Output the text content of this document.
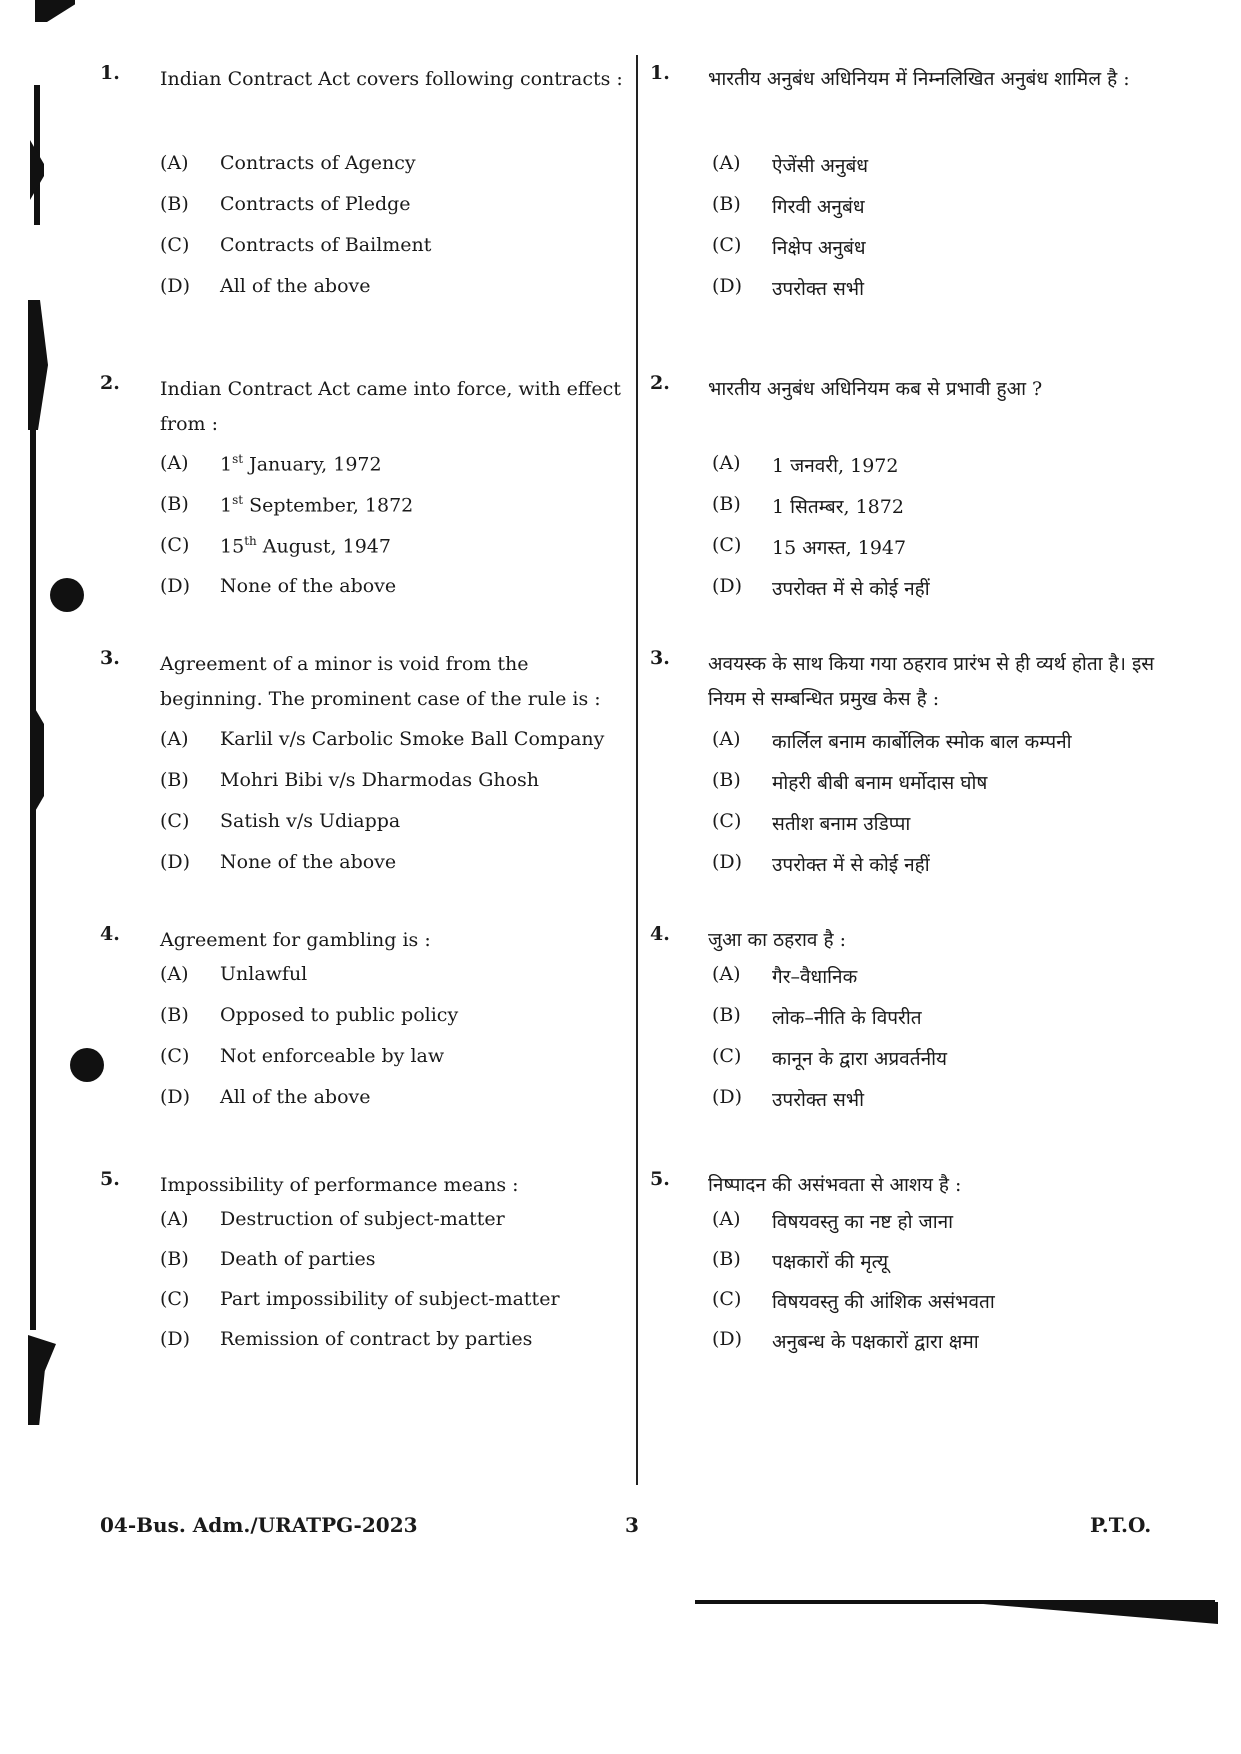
1. Indian Contract Act covers following contracts :
(A) Contracts of Agency
(B) Contracts of Pledge
(C) Contracts of Bailment
(D) All of the above
2. Indian Contract Act came into force, with effect from :
(A) 1st January, 1972
(B) 1st September, 1872
(C) 15th August, 1947
(D) None of the above
3. Agreement of a minor is void from the beginning. The prominent case of the rule is :
(A) Karlil v/s Carbolic Smoke Ball Company
(B) Mohri Bibi v/s Dharmodas Ghosh
(C) Satish v/s Udiappa
(D) None of the above
4. Agreement for gambling is :
(A) Unlawful
(B) Opposed to public policy
(C) Not enforceable by law
(D) All of the above
5. Impossibility of performance means :
(A) Destruction of subject-matter
(B) Death of parties
(C) Part impossibility of subject-matter
(D) Remission of contract by parties
1. भारतीय अनुबंध अधिनियम में निम्नलिखित अनुबंध शामिल है :
(A) ऐजेंसी अनुबंध
(B) गिरवी अनुबंध
(C) निक्षेप अनुबंध
(D) उपरोक्त सभी
2. भारतीय अनुबंध अधिनियम कब से प्रभावी हुआ ?
(A) 1 जनवरी, 1972
(B) 1 सितम्बर, 1872
(C) 15 अगस्त, 1947
(D) उपरोक्त में से कोई नहीं
3. अवयस्क के साथ किया गया ठहराव प्रारंभ से ही व्यर्थ होता है। इस नियम से सम्बन्धित प्रमुख केस है :
(A) कार्लिल बनाम कार्बोलिक स्मोक बाल कम्पनी
(B) मोहरी बीबी बनाम धर्मोदास घोष
(C) सतीश बनाम उडिप्पा
(D) उपरोक्त में से कोई नहीं
4. जुआ का ठहराव है :
(A) गैर–वैधानिक
(B) लोक–नीति के विपरीत
(C) कानून के द्वारा अप्रवर्तनीय
(D) उपरोक्त सभी
5. निष्पादन की असंभवता से आशय है :
(A) विषयवस्तु का नष्ट हो जाना
(B) पक्षकारों की मृत्यू
(C) विषयवस्तु की आंशिक असंभवता
(D) अनुबन्ध के पक्षकारों द्वारा क्षमा
04-Bus. Adm./URATPG-2023	3	P.T.O.
